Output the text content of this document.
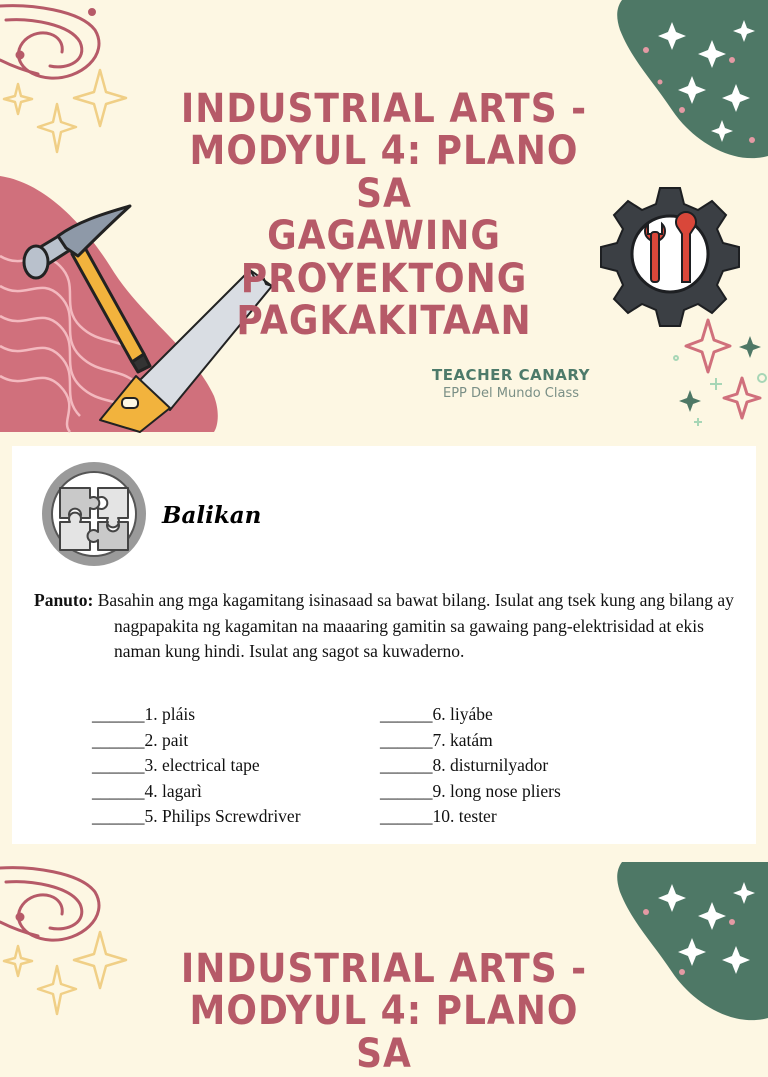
INDUSTRIAL ARTS -
MODYUL 4: PLANO SA
GAGAWING PROYEKTONG
PAGKAKITAAN
TEACHER CANARY
EPP Del Mundo Class
Balikan
Panuto: Basahin ang mga kagamitang isinasaad sa bawat bilang. Isulat ang tsek kung ang bilang ay nagpapakita ng kagamitan na maaaring gamitin sa gawaing pang-elektrisidad at ekis naman kung hindi. Isulat ang sagot sa kuwaderno.
______1. pláis
______2. pait
______3. electrical tape
______4. lagarì
______5. Philips Screwdriver
______6. liyábe
______7. katám
______8. disturnilyador
______9. long nose pliers
______10. tester
INDUSTRIAL ARTS -
MODYUL 4: PLANO SA
